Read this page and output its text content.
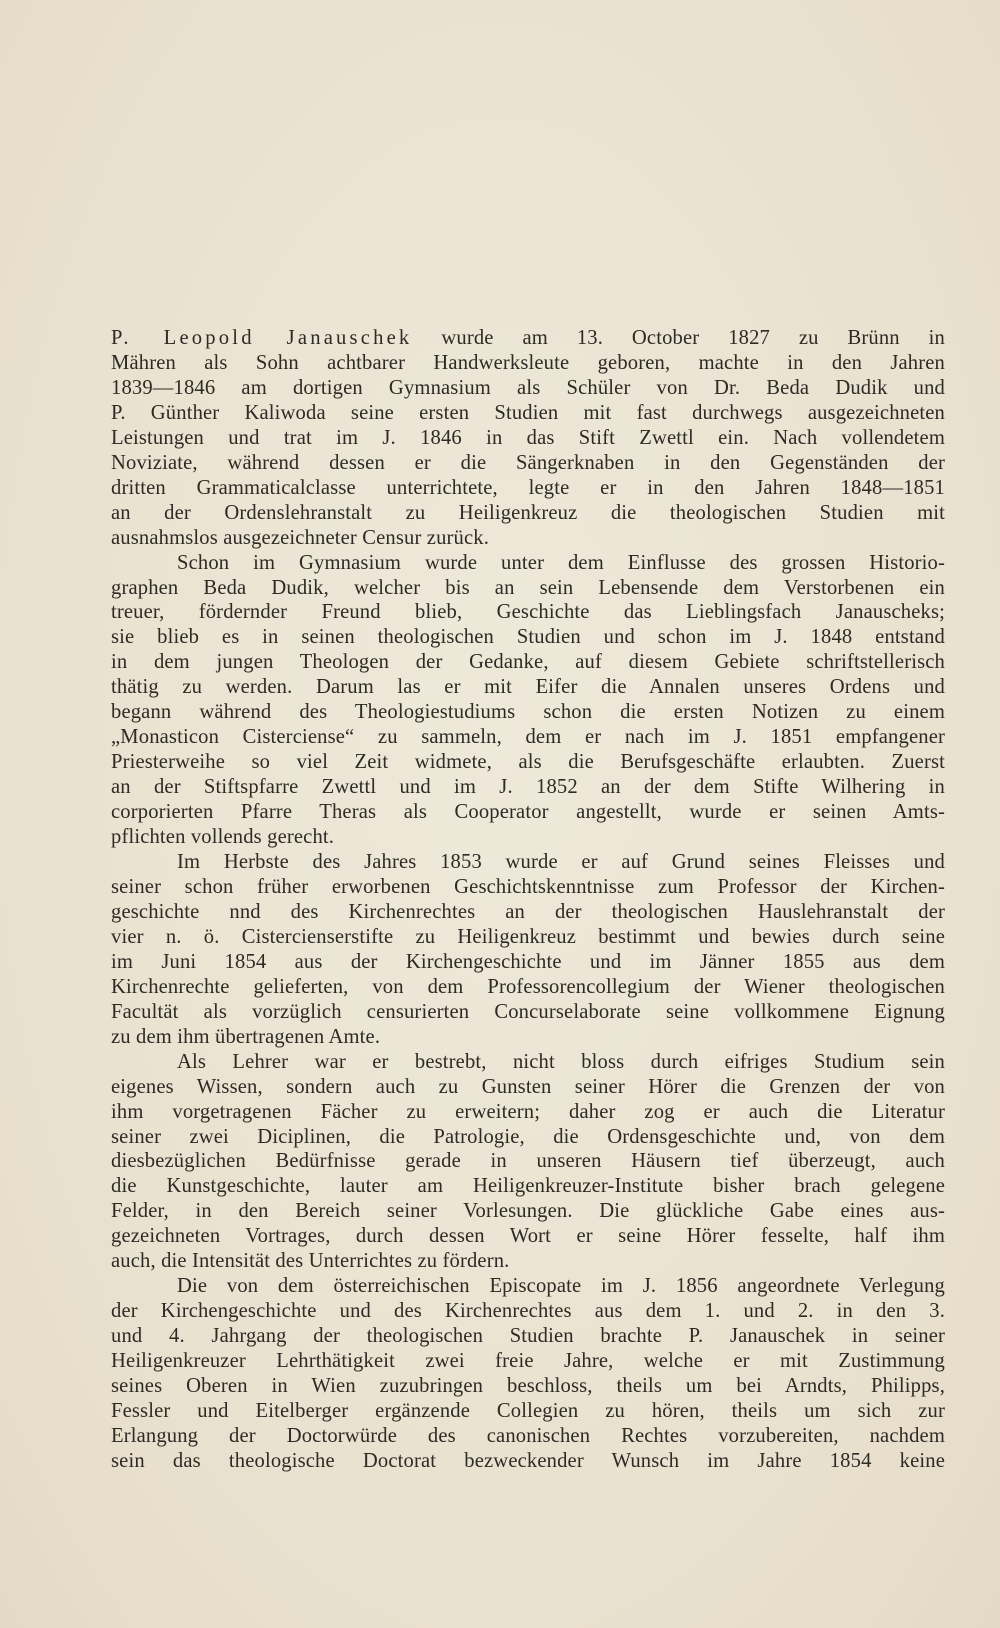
P. Leopold Janauschek wurde am 13. October 1827 zu Brünn in
Mähren als Sohn achtbarer Handwerksleute geboren, machte in den Jahren
1839—1846 am dortigen Gymnasium als Schüler von Dr. Beda Dudik und
P. Günther Kaliwoda seine ersten Studien mit fast durchwegs ausgezeichneten
Leistungen und trat im J. 1846 in das Stift Zwettl ein. Nach vollendetem
Noviziate, während dessen er die Sängerknaben in den Gegenständen der
dritten Grammaticalclasse unterrichtete, legte er in den Jahren 1848—1851
an der Ordenslehranstalt zu Heiligenkreuz die theologischen Studien mit
ausnahmslos ausgezeichneter Censur zurück.

Schon im Gymnasium wurde unter dem Einflusse des grossen Historio-
graphen Beda Dudik, welcher bis an sein Lebensende dem Verstorbenen ein
treuer, fördernder Freund blieb, Geschichte das Lieblingsfach Janauscheks;
sie blieb es in seinen theologischen Studien und schon im J. 1848 entstand
in dem jungen Theologen der Gedanke, auf diesem Gebiete schriftstellerisch
thätig zu werden. Darum las er mit Eifer die Annalen unseres Ordens und
begann während des Theologiestudiums schon die ersten Notizen zu einem
„Monasticon Cisterciense“ zu sammeln, dem er nach im J. 1851 empfangener
Priesterweihe so viel Zeit widmete, als die Berufsgeschäfte erlaubten. Zuerst
an der Stiftspfarre Zwettl und im J. 1852 an der dem Stifte Wilhering in
corporierten Pfarre Theras als Cooperator angestellt, wurde er seinen Amts-
pflichten vollends gerecht.

Im Herbste des Jahres 1853 wurde er auf Grund seines Fleisses und
seiner schon früher erworbenen Geschichtskenntnisse zum Professor der Kirchen-
geschichte nnd des Kirchenrechtes an der theologischen Hauslehranstalt der
vier n. ö. Cistercienserstifte zu Heiligenkreuz bestimmt und bewies durch seine
im Juni 1854 aus der Kirchengeschichte und im Jänner 1855 aus dem
Kirchenrechte gelieferten, von dem Professorencollegium der Wiener theologischen
Facultät als vorzüglich censurierten Concurselaborate seine vollkommene Eignung
zu dem ihm übertragenen Amte.

Als Lehrer war er bestrebt, nicht bloss durch eifriges Studium sein
eigenes Wissen, sondern auch zu Gunsten seiner Hörer die Grenzen der von
ihm vorgetragenen Fächer zu erweitern; daher zog er auch die Literatur
seiner zwei Diciplinen, die Patrologie, die Ordensgeschichte und, von dem
diesbezüglichen Bedürfnisse gerade in unseren Häusern tief überzeugt, auch
die Kunstgeschichte, lauter am Heiligenkreuzer-Institute bisher brach gelegene
Felder, in den Bereich seiner Vorlesungen. Die glückliche Gabe eines aus-
gezeichneten Vortrages, durch dessen Wort er seine Hörer fesselte, half ihm
auch, die Intensität des Unterrichtes zu fördern.

Die von dem österreichischen Episcopate im J. 1856 angeordnete Verlegung
der Kirchengeschichte und des Kirchenrechtes aus dem 1. und 2. in den 3.
und 4. Jahrgang der theologischen Studien brachte P. Janauschek in seiner
Heiligenkreuzer Lehrthätigkeit zwei freie Jahre, welche er mit Zustimmung
seines Oberen in Wien zuzubringen beschloss, theils um bei Arndts, Philipps,
Fessler und Eitelberger ergänzende Collegien zu hören, theils um sich zur
Erlangung der Doctorwürde des canonischen Rechtes vorzubereiten, nachdem
sein das theologische Doctorat bezweckender Wunsch im Jahre 1854 keine
